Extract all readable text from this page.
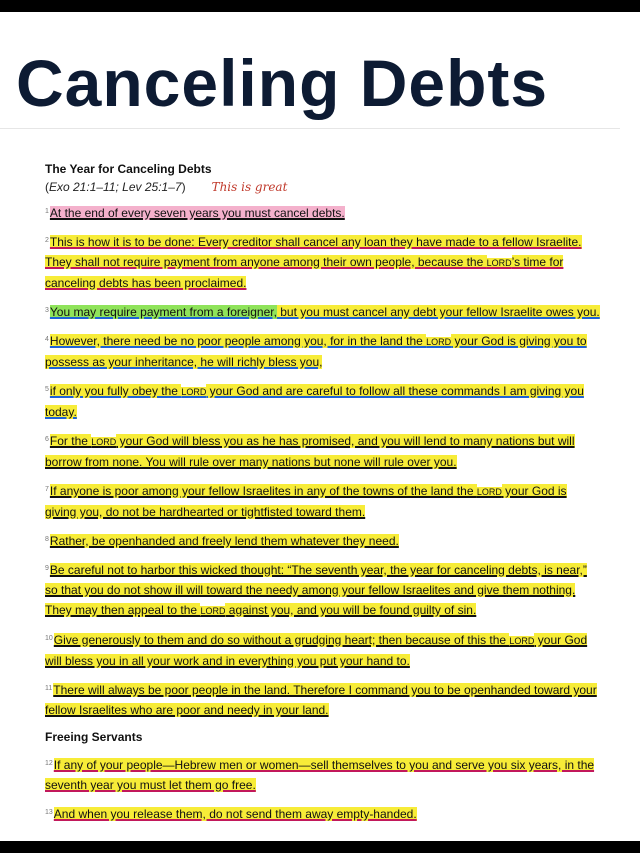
Canceling Debts
The Year for Canceling Debts
(Exo 21:1–11; Lev 25:1–7) This is great

$^1$At the end of every seven years you must cancel debts.

$^2$This is how it is to be done: Every creditor shall cancel any loan they have made to a fellow Israelite. They shall not require payment from anyone among their own people, because the LORD’s time for canceling debts has been proclaimed.

$^3$You may require payment from a foreigner, but you must cancel any debt your fellow Israelite owes you.

$^4$However, there need be no poor people among you, for in the land the LORD your God is giving you to possess as your inheritance, he will richly bless you,

$^5$if only you fully obey the LORD your God and are careful to follow all these commands I am giving you today.

$^6$For the LORD your God will bless you as he has promised, and you will lend to many nations but will borrow from none. You will rule over many nations but none will rule over you.

$^7$If anyone is poor among your fellow Israelites in any of the towns of the land the LORD your God is giving you, do not be hardhearted or tightfisted toward them.

$^8$Rather, be openhanded and freely lend them whatever they need.

$^9$Be careful not to harbor this wicked thought: “The seventh year, the year for canceling debts, is near,” so that you do not show ill will toward the needy among your fellow Israelites and give them nothing. They may then appeal to the LORD against you, and you will be found guilty of sin.

$^{10}$Give generously to them and do so without a grudging heart; then because of this the LORD your God will bless you in all your work and in everything you put your hand to.

$^{11}$There will always be poor people in the land. Therefore I command you to be openhanded toward your fellow Israelites who are poor and needy in your land.

Freeing Servants

$^{12}$If any of your people—Hebrew men or women—sell themselves to you and serve you six years, in the seventh year you must let them go free.

$^{13}$And when you release them, do not send them away empty-handed.
